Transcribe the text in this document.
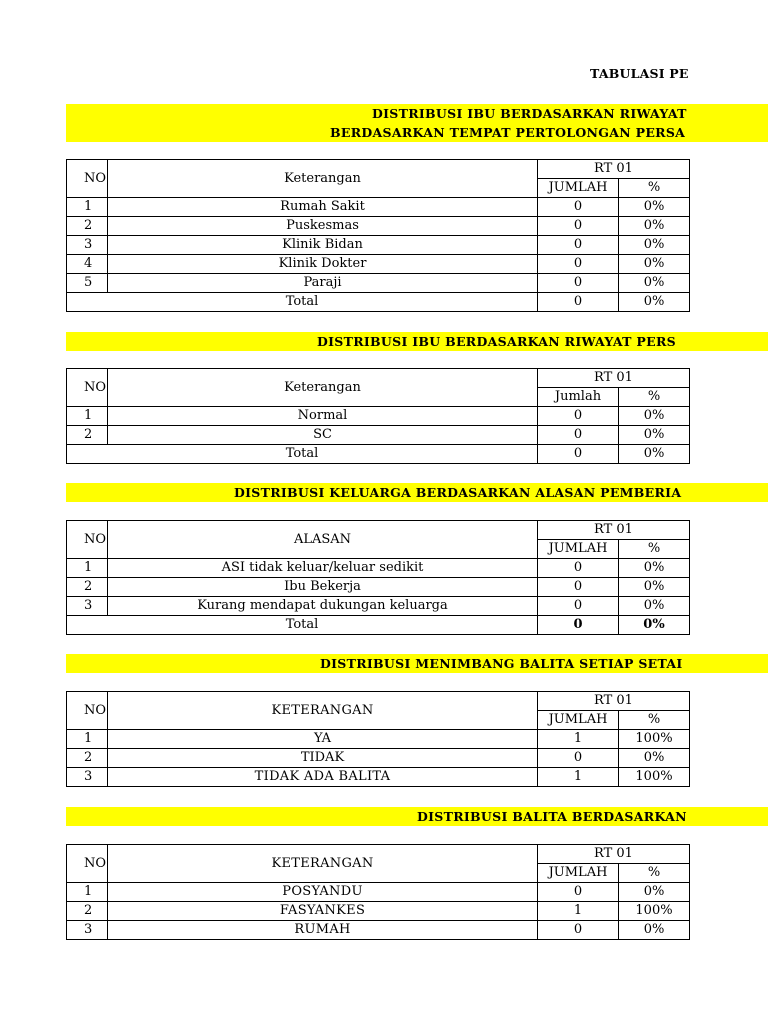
TABULASI PE
DISTRIBUSI IBU BERDASARKAN RIWAYAT
BERDASARKAN TEMPAT PERTOLONGAN PERSA
NO	Keterangan	RT 01	
		JUMLAH	%
1	Rumah Sakit	0	0%
2	Puskesmas	0	0%
3	Klinik Bidan	0	0%
4	Klinik Dokter	0	0%
5	Paraji	0	0%
Total		0	0%
DISTRIBUSI IBU BERDASARKAN RIWAYAT PERS
NO	Keterangan	RT 01	
		Jumlah	%
1	Normal	0	0%
2	SC	0	0%
Total		0	0%
DISTRIBUSI KELUARGA BERDASARKAN ALASAN PEMBERIA
NO	ALASAN	RT 01	
		JUMLAH	%
1	ASI tidak keluar/keluar sedikit	0	0%
2	Ibu Bekerja	0	0%
3	Kurang mendapat dukungan keluarga	0	0%
Total		0	0%
DISTRIBUSI MENIMBANG BALITA SETIAP SETAI
NO	KETERANGAN	RT 01	
		JUMLAH	%
1	YA	1	100%
2	TIDAK	0	0%
3	TIDAK ADA BALITA	1	100%
DISTRIBUSI BALITA BERDASARKAN
NO	KETERANGAN	RT 01	
		JUMLAH	%
1	POSYANDU	0	0%
2	FASYANKES	1	100%
3	RUMAH	0	0%
